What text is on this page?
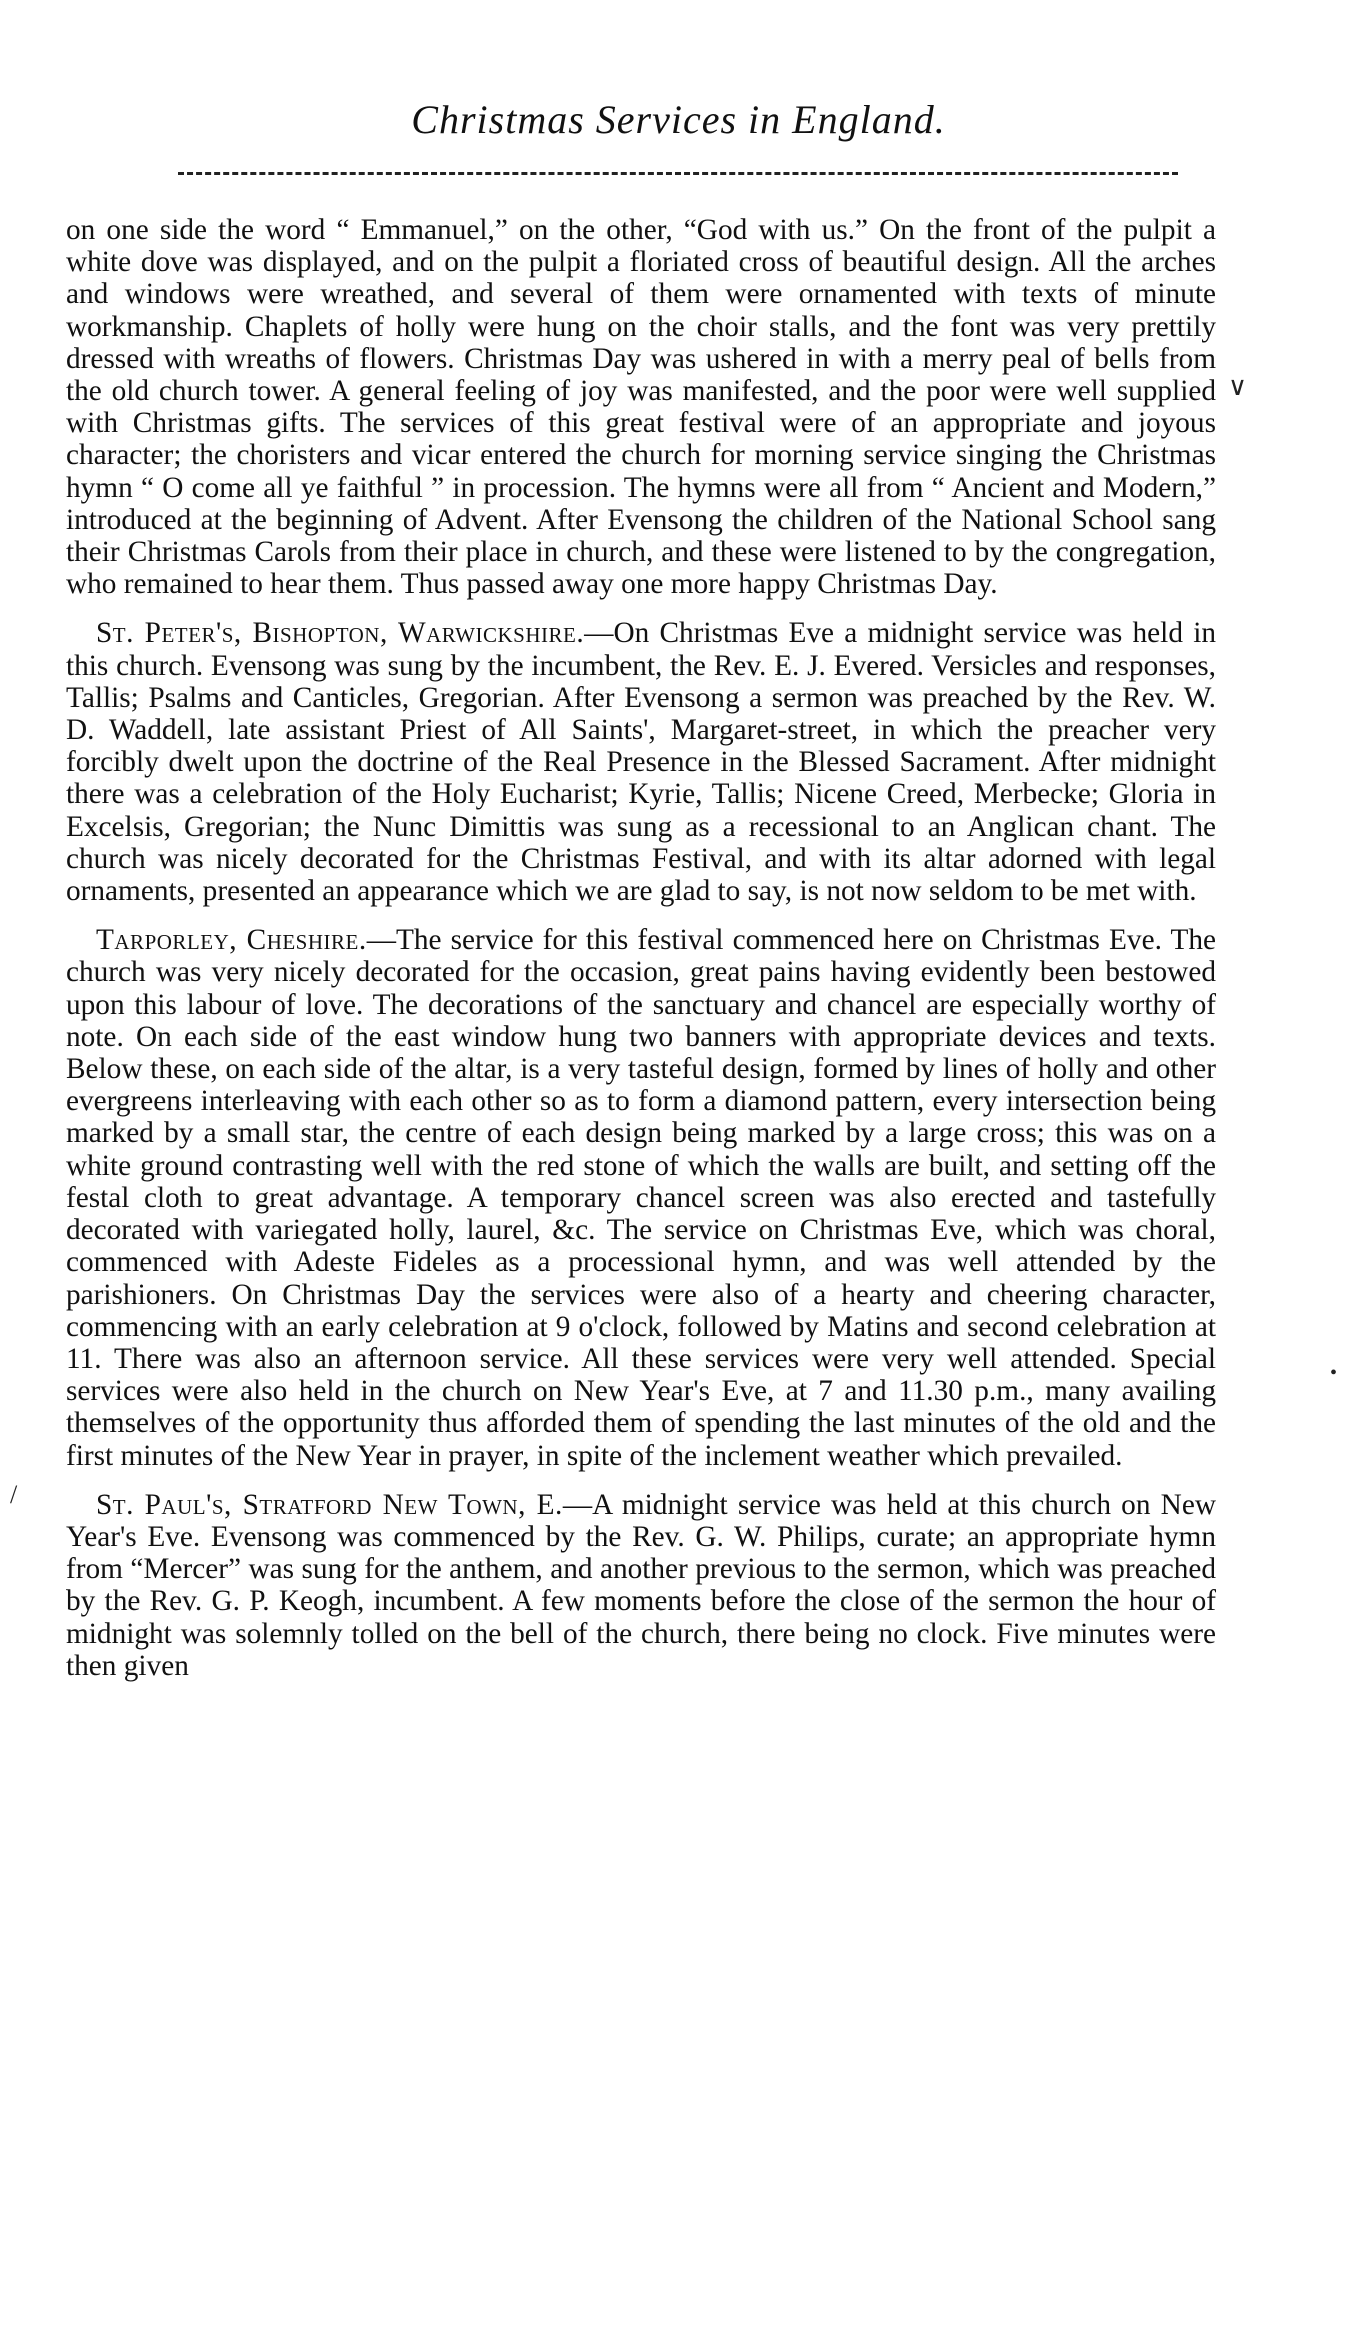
Christmas Services in England.

on one side the word “ Emmanuel,” on the other, “God with us.” On the front of the pulpit a white dove was displayed, and on the pulpit a floriated cross of beautiful design. All the arches and windows were wreathed, and several of them were ornamented with texts of minute workmanship. Chaplets of holly were hung on the choir stalls, and the font was very prettily dressed with wreaths of flowers. Christmas Day was ushered in with a merry peal of bells from the old church tower. A general feeling of joy was manifested, and the poor were well supplied with Christmas gifts. The services of this great festival were of an appropriate and joyous character; the choristers and vicar entered the church for morning service singing the Christmas hymn “ O come all ye faithful ” in procession. The hymns were all from “ Ancient and Modern,” introduced at the beginning of Advent. After Evensong the children of the National School sang their Christmas Carols from their place in church, and these were listened to by the congregation, who remained to hear them. Thus passed away one more happy Christmas Day.

St. Peter's, Bishopton, Warwickshire.—On Christmas Eve a midnight service was held in this church. Evensong was sung by the incumbent, the Rev. E. J. Evered. Versicles and responses, Tallis; Psalms and Canticles, Gregorian. After Evensong a sermon was preached by the Rev. W. D. Waddell, late assistant Priest of All Saints', Margaret-street, in which the preacher very forcibly dwelt upon the doctrine of the Real Presence in the Blessed Sacrament. After midnight there was a celebration of the Holy Eucharist; Kyrie, Tallis; Nicene Creed, Merbecke; Gloria in Excelsis, Gregorian; the Nunc Dimittis was sung as a recessional to an Anglican chant. The church was nicely decorated for the Christmas Festival, and with its altar adorned with legal ornaments, presented an appearance which we are glad to say, is not now seldom to be met with.

Tarporley, Cheshire.—The service for this festival commenced here on Christmas Eve. The church was very nicely decorated for the occasion, great pains having evidently been bestowed upon this labour of love. The decorations of the sanctuary and chancel are especially worthy of note. On each side of the east window hung two banners with appropriate devices and texts. Below these, on each side of the altar, is a very tasteful design, formed by lines of holly and other evergreens interleaving with each other so as to form a diamond pattern, every intersection being marked by a small star, the centre of each design being marked by a large cross; this was on a white ground contrasting well with the red stone of which the walls are built, and setting off the festal cloth to great advantage. A temporary chancel screen was also erected and tastefully decorated with variegated holly, laurel, &c. The service on Christmas Eve, which was choral, commenced with Adeste Fideles as a processional hymn, and was well attended by the parishioners. On Christmas Day the services were also of a hearty and cheering character, commencing with an early celebration at 9 o'clock, followed by Matins and second celebration at 11. There was also an afternoon service. All these services were very well attended. Special services were also held in the church on New Year's Eve, at 7 and 11.30 p.m., many availing themselves of the opportunity thus afforded them of spending the last minutes of the old and the first minutes of the New Year in prayer, in spite of the inclement weather which prevailed.

St. Paul's, Stratford New Town, E.—A midnight service was held at this church on New Year's Eve. Evensong was commenced by the Rev. G. W. Philips, curate; an appropriate hymn from “Mercer” was sung for the anthem, and another previous to the sermon, which was preached by the Rev. G. P. Keogh, incumbent. A few moments before the close of the sermon the hour of midnight was solemnly tolled on the bell of the church, there being no clock. Five minutes were then given

∨
•
/
